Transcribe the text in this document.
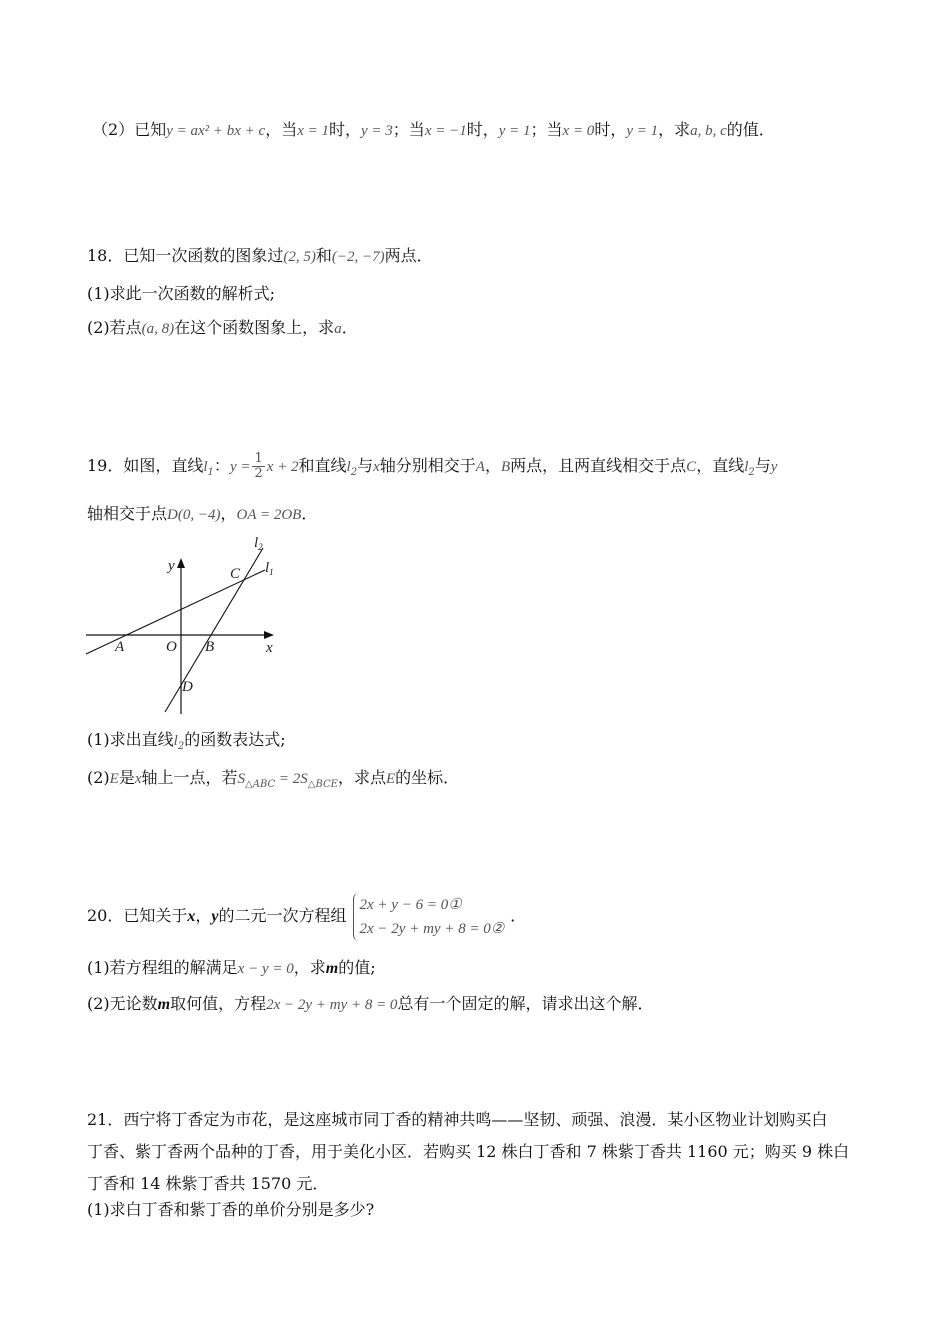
（2）已知y = ax² + bx + c，当x = 1时，y = 3；当x = −1时，y = 1；当x = 0时，y = 1，求a, b, c的值．
18．已知一次函数的图象过(2, 5)和(−2, −7)两点．
(1)求此一次函数的解析式;
(2)若点(a, 8)在这个函数图象上，求a．
19．如图，直线$l_1$：$y = \frac{1}{2}$ x + 2和直线$l_2$与x轴分别相交于A，B两点，且两直线相交于点C，直线$l_2$与y
轴相交于点D(0, −4)，OA = 2OB．
y
x
O
A	B
C
D
$l_1$
$l_2$
(1)求出直线$l_2$的函数表达式;
(2)E是x轴上一点，若$S_{\triangle ABC} = 2S_{\triangle BCE}$，求点E的坐标．
20．已知关于x，y的二元一次方程组
2x + y − 6 = 0①
2x − 2y + my + 8 = 0②
．
(1)若方程组的解满足x − y = 0，求m的值;
(2)无论数m取何值，方程2x − 2y + my + 8 = 0总有一个固定的解，请求出这个解．
21．西宁将丁香定为市花，是这座城市同丁香的精神共鸣——坚韧、顽强、浪漫．某小区物业计划购买白
丁香、紫丁香两个品种的丁香，用于美化小区．若购买 12 株白丁香和 7 株紫丁香共 1160 元；购买 9 株白
丁香和 14 株紫丁香共 1570 元．
(1)求白丁香和紫丁香的单价分别是多少?
